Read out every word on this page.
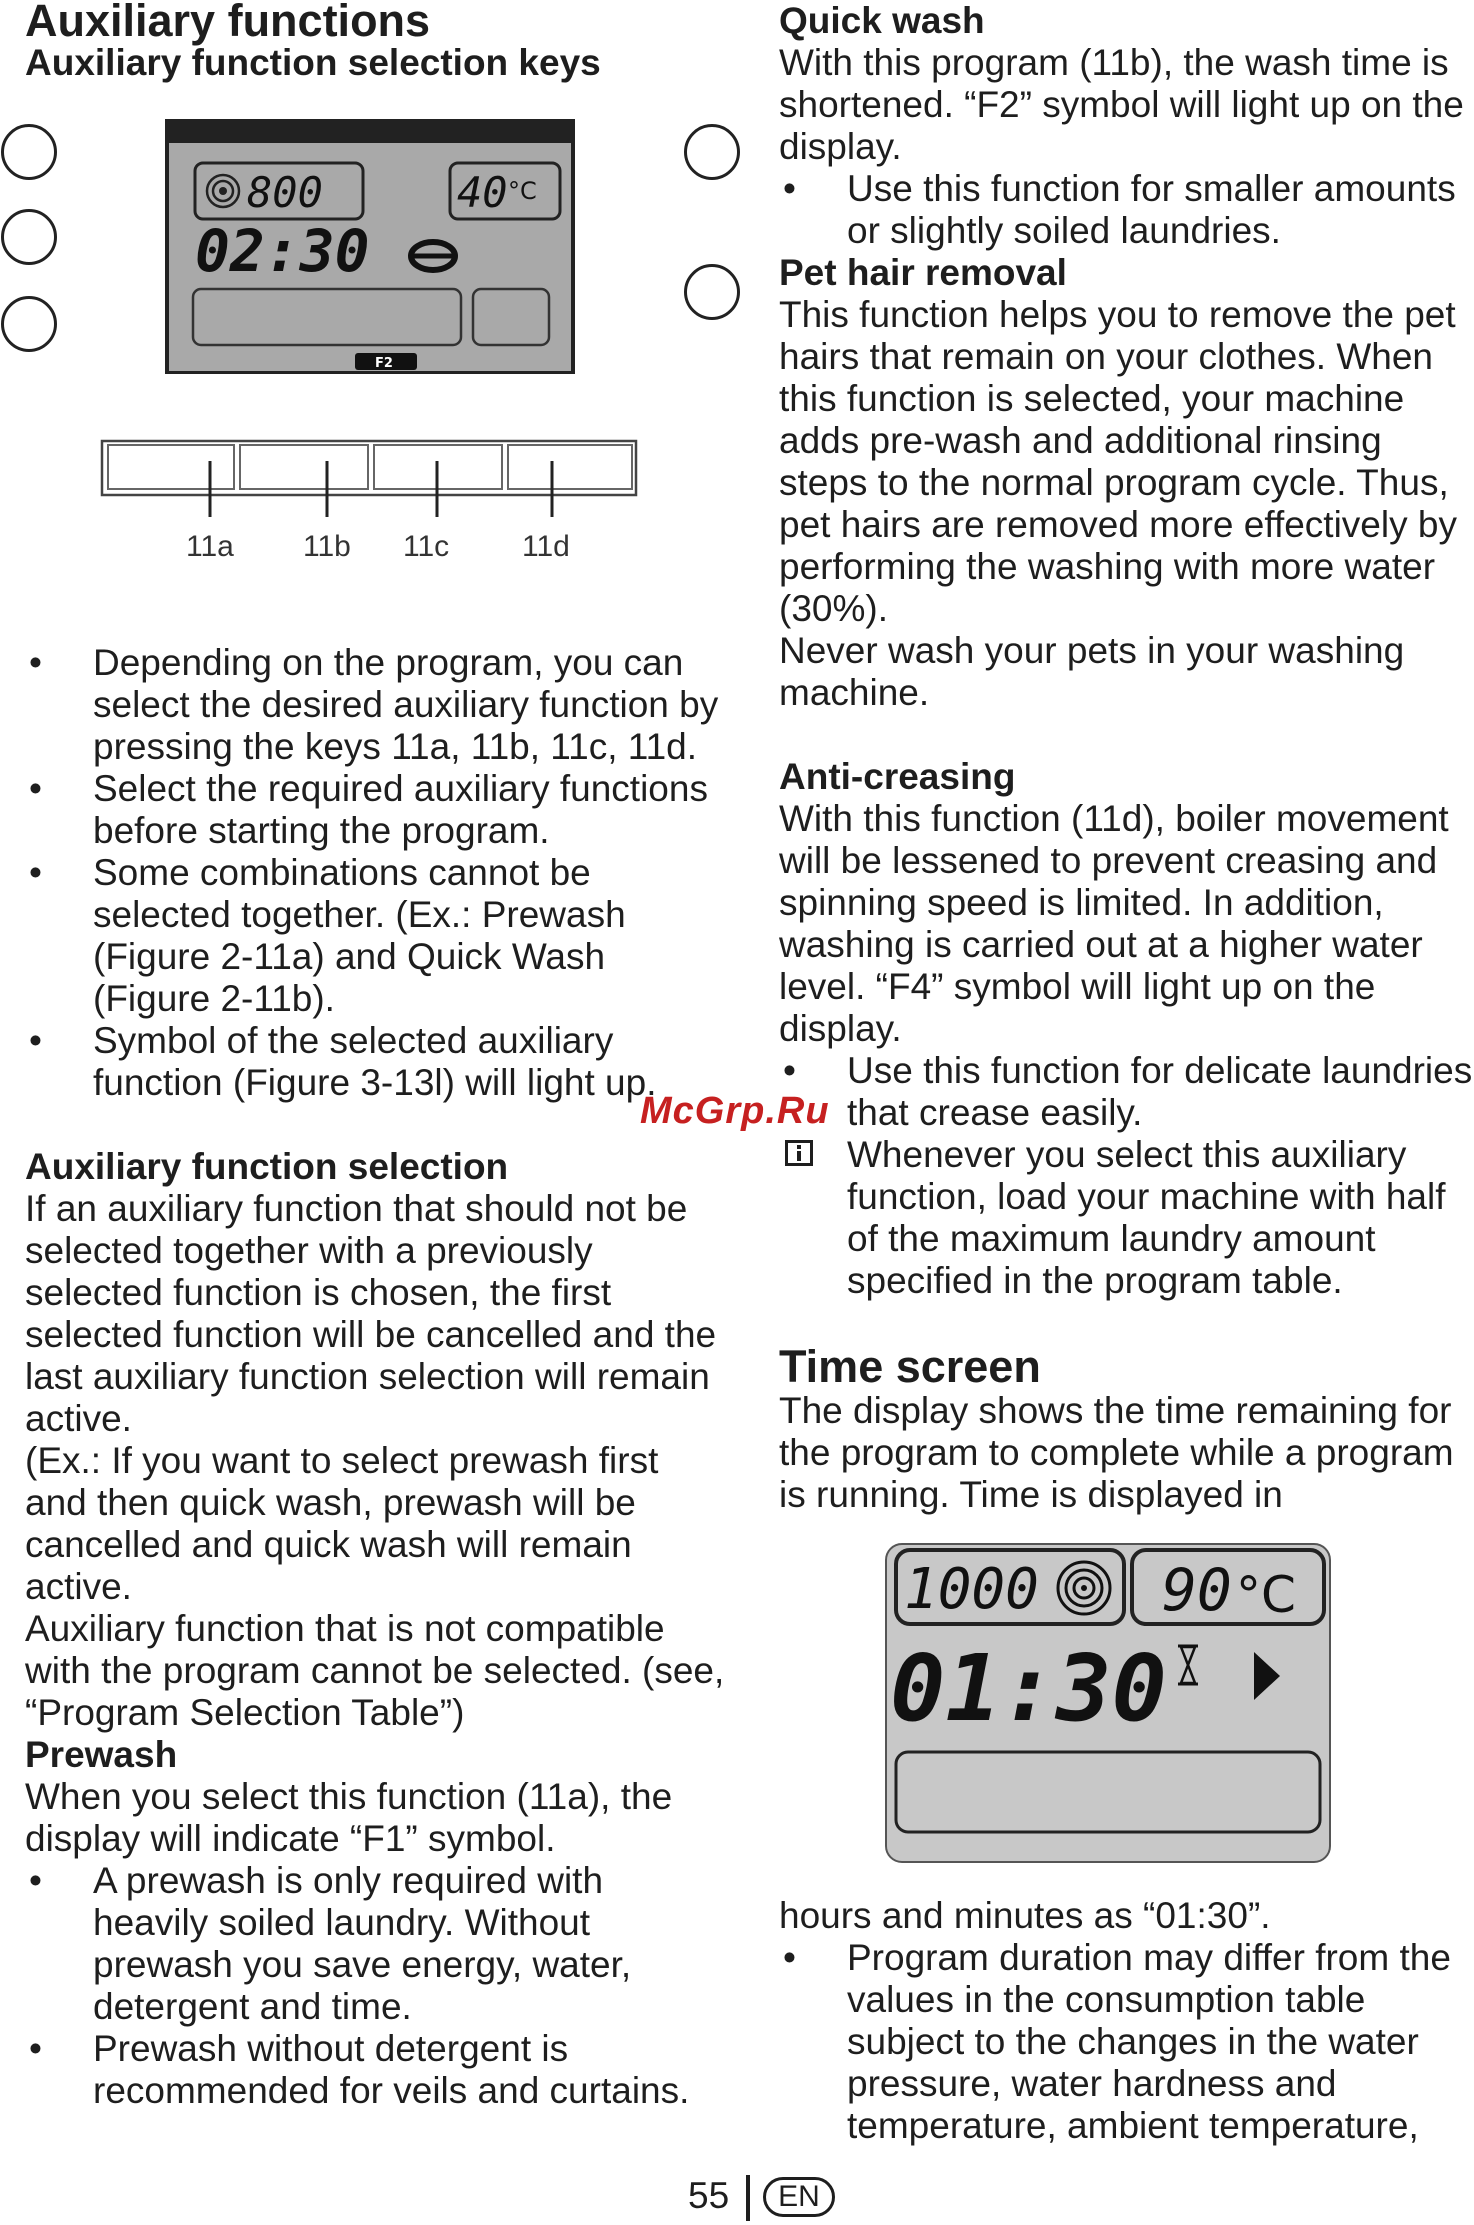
Auxiliary functions
Auxiliary function selection keys
800	40 °C
02:30
F2
11a 11b 11c 11d
• Depending on the program, you can select the desired auxiliary function by pressing the keys 11a, 11b, 11c, 11d.
• Select the required auxiliary functions before starting the program.
• Some combinations cannot be selected together. (Ex.: Prewash (Figure 2-11a) and Quick Wash (Figure 2-11b).
• Symbol of the selected auxiliary function (Figure 3-13l) will light up.
Auxiliary function selection

If an auxiliary function that should not be selected together with a previously selected function is chosen, the first selected function will be cancelled and the last auxiliary function selection will remain active.

(Ex.: If you want to select prewash first and then quick wash, prewash will be cancelled and quick wash will remain active.

Auxiliary function that is not compatible with the program cannot be selected. (see, “Program Selection Table”)

Prewash

When you select this function (11a), the display will indicate “F1” symbol.

• A prewash is only required with heavily soiled laundry. Without prewash you save energy, water, detergent and time.
• Prewash without detergent is recommended for veils and curtains.
Quick wash

With this program (11b), the wash time is shortened. “F2” symbol will light up on the display.

• Use this function for smaller amounts or slightly soiled laundries.
Pet hair removal

This function helps you to remove the pet hairs that remain on your clothes. When this function is selected, your machine adds pre-wash and additional rinsing steps to the normal program cycle. Thus, pet hairs are removed more effectively by performing the washing with more water (30%).

Never wash your pets in your washing machine.

Anti-creasing

With this function (11d), boiler movement will be lessened to prevent creasing and spinning speed is limited. In addition, washing is carried out at a higher water level. “F4” symbol will light up on the display.

• Use this function for delicate laundries that crease easily.
Whenever you select this auxiliary function, load your machine with half of the maximum laundry amount specified in the program table.
Time screen

The display shows the time remaining for the program to complete while a program is running. Time is displayed in

1000 90 °C
01:30

hours and minutes as “01:30”.

• Program duration may differ from the values in the consumption table subject to the changes in the water pressure, water hardness and temperature, ambient temperature,
McGrp.Ru
55	EN
